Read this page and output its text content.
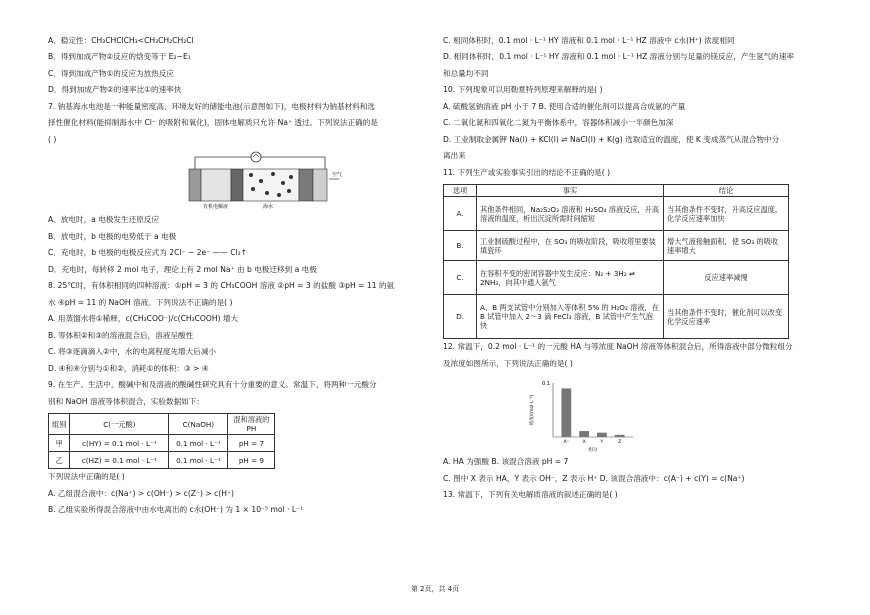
A．稳定性：CH₃CHClCH₃<CH₃CH₂CH₂Cl
B．得到加成产物②反应的焓变等于 E₂−E₁
C．得到加成产物①的反应为放热反应
D．得到加成产物②的速率比①的速率快
7. 钠基海水电池是一种能量密度高、环境友好的储能电池(示意图如下)，电极材料为钠基材料和选
择性催化材料(能抑制海水中 Cl⁻ 的吸附和氧化)，固体电解质只允许 Na⁺ 透过。下列说法正确的是
( )
空气
有机电解液	海水
A．放电时，a 电极发生还原反应
B．放电时，b 电极的电势低于 a 电极
C．充电时，b 电极的电极反应式为 2Cl⁻ − 2e⁻ —— Cl₂↑
D．充电时，每转移 2 mol 电子，理论上有 2 mol Na⁺ 由 b 电极迁移到 a 电极
8. 25℃时，有体积相同的四种溶液：①pH = 3 的 CH₃COOH 溶液 ②pH = 3 的盐酸 ③pH = 11 的氨
水 ④pH = 11 的 NaOH 溶液。下列说法不正确的是( )
A. 用蒸馏水将①稀释，c(CH₃COO⁻)/c(CH₃COOH) 增大
B. 等体积②和③的溶液混合后，溶液呈酸性
C. 将③逐滴滴入②中，水的电离程度先增大后减小
D. ④和④分别与①和②，消耗①的体积：③ > ④
9. 在生产、生活中，酸碱中和及溶液的酸碱性研究具有十分重要的意义。常温下，将两种一元酸分
别和 NaOH 溶液等体积混合，实验数据如下：
组别	C(一元酸)	C(NaOH)	混和溶液的 PH
甲	c(HY) = 0.1 mol · L⁻¹	0.1 mol · L⁻¹	pH = 7
乙	c(HZ) = 0.1 mol · L⁻¹	0.1 mol · L⁻¹	pH = 9
下列说法中正确的是( )
A. 乙组混合液中：c(Na⁺) > c(OH⁻) > c(Z⁻) > c(H⁺)
B. 乙组实验所得混合溶液中由水电离出的 c水(OH⁻) 为 1 × 10⁻⁵ mol · L⁻¹
C. 相同体积时，0.1 mol · L⁻¹ HY 溶液和 0.1 mol · L⁻¹ HZ 溶液中 c水(H⁺) 浓度相同
D. 相同体积时，0.1 mol · L⁻¹ HY 溶液和 0.1 mol · L⁻¹ HZ 溶液分别与足量的镁反应，产生氢气的速率
和总量均不同
10. 下列现象可以用勒夏特列原理来解释的是( )
A. 硫酸氢钠溶液 pH 小于 7 B. 使用合适的催化剂可以提高合成氨的产量
C. 二氧化氮和四氧化二氮为平衡体系中，容器体积减小一半颜色加深
D. 工业制取金属钾 Na(l) + KCl(l) ⇌ NaCl(l) + K(g) 选取适宜的温度，使 K 变成蒸气从混合物中分
离出来
11. 下列生产或实验事实引出的结论不正确的是( )
选项	事实	结论
A.	其他条件相同，Na₂S₂O₃ 溶液和 H₂SO₄ 溶液反应，升高溶液的温度，析出沉淀所需时间缩短	当其他条件不变时，升高反应温度，化学反应速率加快
B.	工业制硫酸过程中，在 SO₃ 的吸收阶段，吸收塔里要装填瓷环	增大气液接触面积，使 SO₃ 的吸收速率增大
C.	在容积不变的密闭容器中发生反应：N₂ + 3H₂ ⇌ 2NH₃，向其中通入氩气	反应速率减慢
D.	A、B 两支试管中分别加入等体积 5% 的 H₂O₂ 溶液，在 B 试管中加入 2～3 滴 FeCl₃ 溶液，B 试管中产生气泡快	当其他条件不变时，催化剂可以改变化学反应速率
12. 常温下，0.2 mol · L⁻¹ 的一元酸 HA 与等浓度 NaOH 溶液等体积混合后，所得溶液中部分微粒组分
及浓度如图所示，下列说法正确的是( )
0.1
浓度/(mol·L⁻¹)
组分
A⁻	X	Y	Z
A. HA 为强酸 B. 该混合溶液 pH = 7
C. 图中 X 表示 HA，Y 表示 OH⁻，Z 表示 H⁺ D. 该混合溶液中：c(A⁻) + c(Y) = c(Na⁺)
13. 常温下，下列有关电解质溶液的叙述正确的是( )
第 2页，共 4页
